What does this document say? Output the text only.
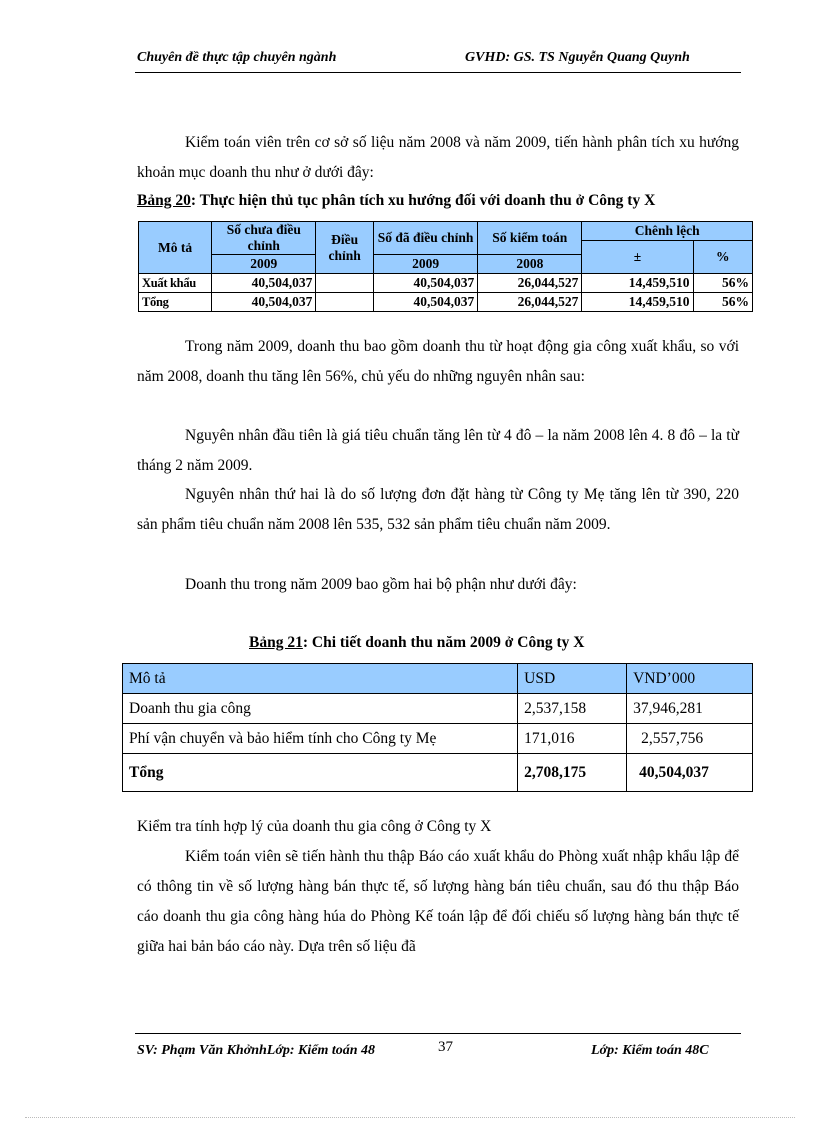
Chuyên đề thực tập chuyên ngành	GVHD: GS. TS Nguyễn Quang Quynh
Kiểm toán viên trên cơ sở số liệu năm 2008 và năm 2009, tiến hành phân tích xu hướng khoản mục doanh thu như ở dưới đây:
Bảng 20: Thực hiện thủ tục phân tích xu hướng đối với doanh thu ở Công ty X
Mô tả	Số chưa điều chỉnh	Điều chỉnh	Số đã điều chỉnh	Số kiểm toán	Chênh lệch	
					±	%
	2009		2009	2008		
Xuất khẩu	40,504,037		40,504,037	26,044,527	14,459,510	56%
Tổng	40,504,037		40,504,037	26,044,527	14,459,510	56%
Trong năm 2009, doanh thu bao gồm doanh thu từ hoạt động gia công xuất khẩu, so với năm 2008, doanh thu tăng lên 56%, chủ yếu do những nguyên nhân sau:
Nguyên nhân đầu tiên là giá tiêu chuẩn tăng lên từ 4 đô – la năm 2008 lên 4. 8 đô – la từ tháng 2 năm 2009.
Nguyên nhân thứ hai là do số lượng đơn đặt hàng từ Công ty Mẹ tăng lên từ 390, 220 sản phẩm tiêu chuẩn năm 2008 lên 535, 532 sản phẩm tiêu chuẩn năm 2009.
Doanh thu trong năm 2009 bao gồm hai bộ phận như dưới đây:
Bảng 21: Chi tiết doanh thu năm 2009 ở Công ty X
Mô tả	USD	VND’000
Doanh thu gia công	2,537,158	37,946,281
Phí vận chuyển và bảo hiểm tính cho Công ty Mẹ	171,016	2,557,756
Tổng	2,708,175	40,504,037
Kiểm tra tính hợp lý của doanh thu gia công ở Công ty X
Kiểm toán viên sẽ tiến hành thu thập Báo cáo xuất khẩu do Phòng xuất nhập khẩu lập để có thông tin về số lượng hàng bán thực tế, số lượng hàng bán tiêu chuẩn, sau đó thu thập Báo cáo doanh thu gia công hàng húa do Phòng Kế toán lập để đối chiếu số lượng hàng bán thực tế giữa hai bản báo cáo này. Dựa trên số liệu đã
SV: Phạm Văn KhởnhLớp: Kiểm toán 48	37	Lớp: Kiểm toán 48C
